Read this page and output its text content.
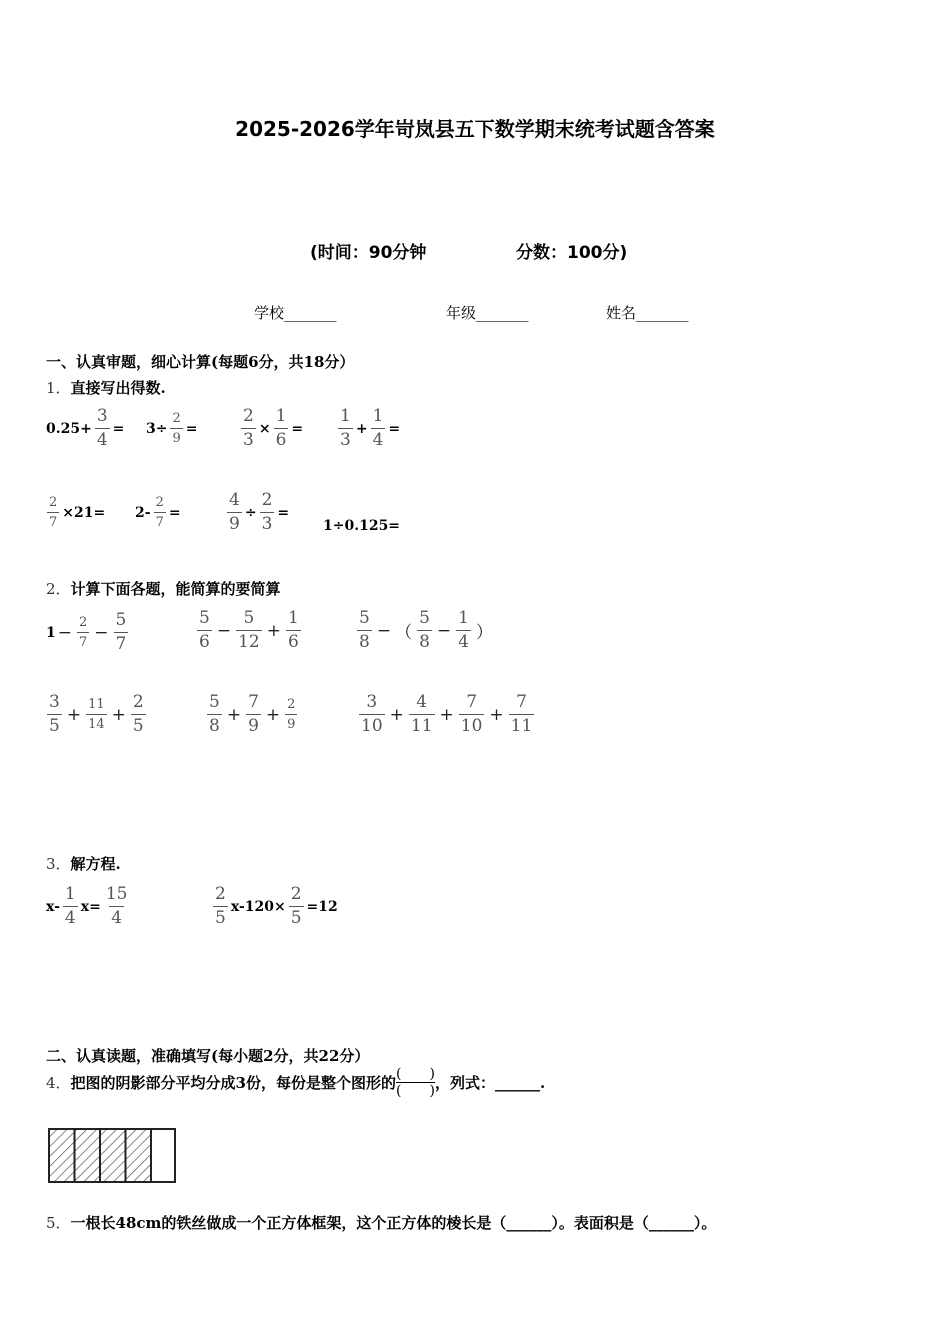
2025-2026学年岢岚县五下数学期末统考试题含答案
(时间：90分钟	分数：100分)
学校_______	年级_______	姓名_______
一、认真审题，细心计算(每题6分，共18分）
1．直接写出得数.
$0.25+ \frac{3}{4} = 3\div \frac{2}{9}$ =	$\frac{2}{3} \times \frac{1}{6} = \frac{1}{3} + \frac{1}{4}$ =
$\frac{2}{7} \times 21= 2- \frac{2}{7}$ =	$\frac{4}{9} \div \frac{2}{3}$ =
1÷0.125=
2．计算下面各题，能简算的要简算
$1 - \frac{2}{7} - \frac{5}{7}$	$\frac{5}{6} - \frac{5}{12} + \frac{1}{6}$	$\frac{5}{8}$ − （ $\frac{5}{8} - \frac{1}{4}$ ）
$\frac{3}{5} + \frac{11}{14} + \frac{2}{5}$	$\frac{5}{8} + \frac{7}{9} + \frac{2}{9}$	$\frac{3}{10} + \frac{4}{11} + \frac{7}{10} + \frac{7}{11}$
3．解方程.
$x- \frac{1}{4} x= \frac{15}{4}$	$\frac{2}{5} x-120\times \frac{2}{5} =12$
二、认真读题，准确填写(每小题2分，共22分）
4． 把图的阴影部分平均分成3份，每份是整个图形的 $\frac{( )}{( )}$ ，列式：______.
5．一根长48cm的铁丝做成一个正方体框架，这个正方体的棱长是（______）。表面积是（______）。
